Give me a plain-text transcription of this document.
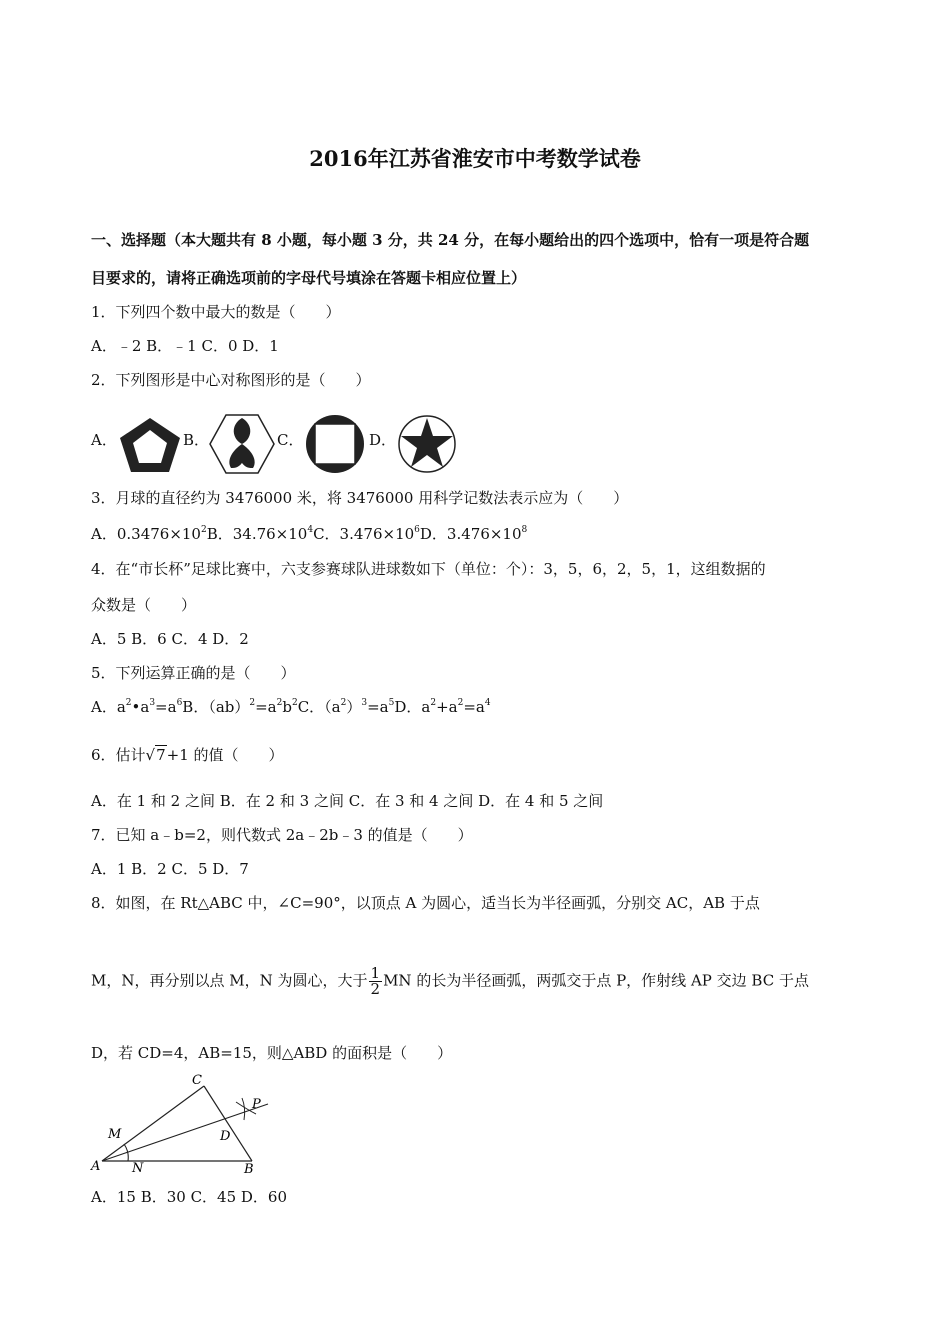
2016年江苏省淮安市中考数学试卷
一、选择题（本大题共有 8 小题，每小题 3 分，共 24 分，在每小题给出的四个选项中，恰有一项是符合题
目要求的，请将正确选项前的字母代号填涂在答题卡相应位置上）
1．下列四个数中最大的数是（　　）
A．﹣2 B．﹣1 C．0 D．1
2．下列图形是中心对称图形的是（　　）
A．	B．	C．	D．
3．月球的直径约为 3476000 米，将 3476000 用科学记数法表示应为（　　）
A．$0.3476\times 10^2B$．$34.76\times 10^4C$．$3.476\times 10^6D$．$3.476\times 10^8$
4．在“市长杯”足球比赛中，六支参赛球队进球数如下（单位：个）：3，5，6，2，5，1，这组数据的
众数是（　　）
A．5 B．6 C．4 D．2
5．下列运算正确的是（　　）
A．$a^2•a^3=a^6B$．$(ab)^2=a^2b^2C$．$(a^2)^3=a^5D$．$a^2+a^2=a^4$
6．估计√7+1 的值（　　）
A．在 1 和 2 之间 B．在 2 和 3 之间 C．在 3 和 4 之间 D．在 4 和 5 之间
7．已知 a﹣b=2，则代数式 2a﹣2b﹣3 的值是（　　）
A．1 B．2 C．5 D．7
8．如图，在 Rt△ABC 中，∠C=90°，以顶点 A 为圆心，适当长为半径画弧，分别交 AC，AB 于点
M，N，再分别以点 M，N 为圆心，大于 $\frac{1}{2}$ MN 的长为半径画弧，两弧交于点 P，作射线 AP 交边 BC 于点
D，若 CD=4，AB=15，则△ABD 的面积是（　　）
C
P
M	D
A N	B
A．15 B．30 C．45 D．60
